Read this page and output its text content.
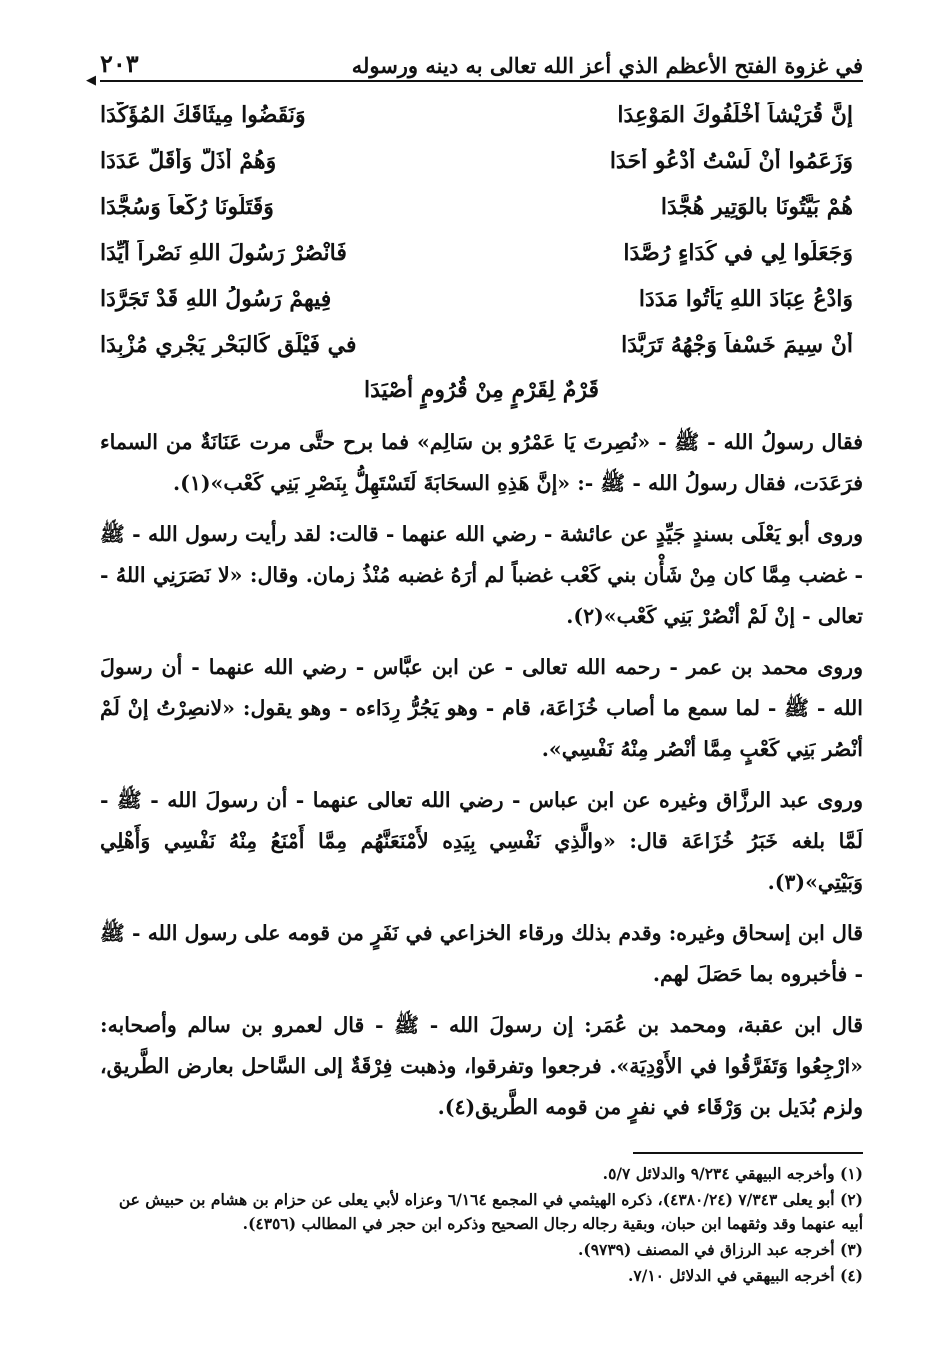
في غزوة الفتح الأعظم الذي أعز الله تعالى به دينه ورسوله
٢٠٣
◀
إنَّ قُرَيْشاً أخْلَفُوكَ المَوْعِدَا
وَنَقَضُوا مِيثَاقَكَ المُؤَكَّدَا
وَزَعَمُوا أنْ لَسْتُ أدْعُو أحَدَا
وَهُمْ أذَلُّ وَأقَلُّ عَدَدَا
هُمْ بَيَّتُونَا بالوَتِيرِ هُجَّدَا
وَقَتَلُونَا رُكَّعاً وَسُجَّدَا
وَجَعَلُوا لِي في كُدَاءٍ رُصَّدَا
فَانْصُرْ رَسُولَ اللهِ نَصْراً أيِّدَا
وَادْعُ عِبَادَ اللهِ يَأتُوا مَدَدَا
فِيهِمْ رَسُولُ اللهِ قَدْ تَجَرَّدَا
أنْ سِيمَ خَسْفاً وَجْهُهُ تَرَبَّدَا
في فَيْلَقٍ كَالبَحْرِ يَجْرِي مُزْبِدَا
قَرْمٌ لِقَرْمٍ مِنْ قُرُومٍ أصْيَدَا

فقال رسولُ الله - ﷺ - «نُصِرتَ يَا عَمْرُو بن سَالِم» فما برح حتَّى مرت عَنَانَةٌ من السماء فرَعَدَت، فقال رسولُ الله - ﷺ -: «إنَّ هَذِهِ السحَابَةَ لَتَسْتَهِلُّ بِنَصْرِ بَنِي كَعْب»(١).

وروى أبو يَعْلَى بسندٍ جَيِّدٍ عن عائشة - رضي الله عنهما - قالت: لقد رأيت رسول الله - ﷺ - غضب مِمَّا كان مِنْ شَأْن بني كَعْب غضباً لم أرَهُ غضبه مُنْذُ زمان. وقال: «لا نَصَرَنِي اللهُ - تعالى - إنْ لَمْ أنْصُرْ بَنِي كَعْب»(٢).

وروى محمد بن عمر - رحمه الله تعالى - عن ابن عبَّاس - رضي الله عنهما - أن رسولَ الله - ﷺ - لما سمع ما أصاب خُزَاعَة، قام - وهو يَجُرُّ رِدَاءه - وهو يقول: «لانصِرْتُ إنْ لَمْ أنْصُر بَنِي كَعْبٍ مِمَّا أنْصُر مِنْهُ نَفْسِي».

وروى عبد الرزَّاق وغيره عن ابن عباس - رضي الله تعالى عنهما - أن رسولَ الله - ﷺ - لَمَّا بلغه خَبَرُ خُزَاعَة قال: «والَّذِي نَفْسِي بِيَدِه لأَمْنَعَنَّهُم مِمَّا أَمْنَعُ مِنْهُ نَفْسِي وَأَهْلِي وَبَيْتِي»(٣).

قال ابن إسحاق وغيره: وقدم بذلك ورقاء الخزاعي في نَفَرٍ من قومه على رسول الله - ﷺ - فأخبروه بما حَصَلَ لهم.

قال ابن عقبة، ومحمد بن عُمَر: إن رسولَ الله - ﷺ - قال لعمرو بن سالم وأصحابه: «ارْجِعُوا وَتَفَرَّقُوا في الأَوْدِيَة». فرجعوا وتفرقوا، وذهبت فِرْقَةٌ إلى السَّاحل بعارض الطَّريق، ولزم بُدَيل بن وَرْقَاء في نفرٍ من قومه الطَّريق(٤).

(١) وأخرجه البيهقي ٩/٢٣٤ والدلائل ٥/٧.
(٢) أبو يعلى ٧/٣٤٣ (٤٣٨٠/٢٤)، ذكره الهيثمي في المجمع ٦/١٦٤ وعزاه لأبي يعلى عن حزام بن هشام بن حبيش عن أبيه عنهما وقد وثقهما ابن حبان، وبقية رجاله رجال الصحيح وذكره ابن حجر في المطالب (٤٣٥٦).
(٣) أخرجه عبد الرزاق في المصنف (٩٧٣٩).
(٤) أخرجه البيهقي في الدلائل ٧/١٠.
